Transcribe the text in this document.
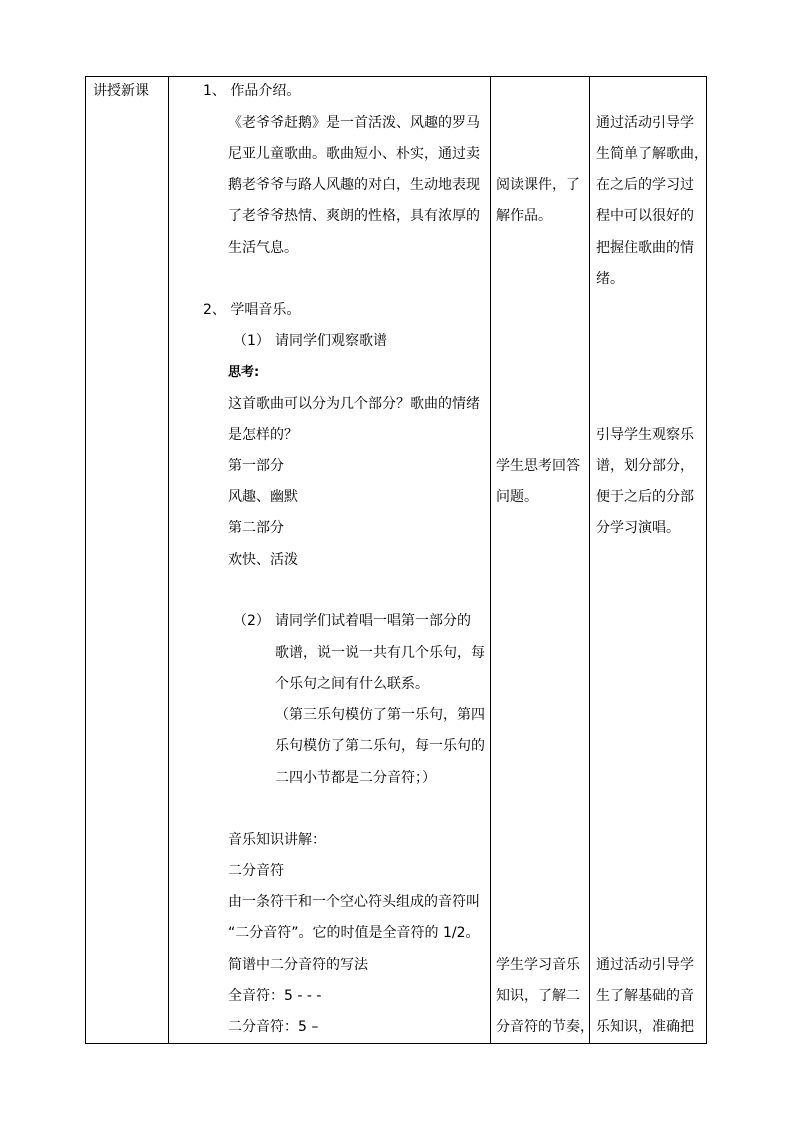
讲授新课	1、 作品介绍。
《老爷爷赶鹅》是一首活泼、风趣的罗马
尼亚儿童歌曲。歌曲短小、朴实，通过卖
鹅老爷爷与路人风趣的对白，生动地表现
了老爷爷热情、爽朗的性格，具有浓厚的
生活气息。
2、 学唱音乐。
（1） 请同学们观察歌谱
思考:
这首歌曲可以分为几个部分？歌曲的情绪
是怎样的？
第一部分
风趣、幽默
第二部分
欢快、活泼
（2） 请同学们试着唱一唱第一部分的
歌谱，说一说一共有几个乐句，每
个乐句之间有什么联系。
（第三乐句模仿了第一乐句，第四
乐句模仿了第二乐句，每一乐句的
二四小节都是二分音符；）
音乐知识讲解：
二分音符
由一条符干和一个空心符头组成的音符叫
“二分音符”。它的时值是全音符的 1/2。
简谱中二分音符的写法
全音符：5 - - -
二分音符：5 –
阅读课件，了
解作品。
学生思考回答
问题。
学生学习音乐
知识，了解二
分音符的节奏，
通过活动引导学
生简单了解歌曲，
在之后的学习过
程中可以很好的
把握住歌曲的情
绪。
引导学生观察乐
谱，划分部分，
便于之后的分部
分学习演唱。
通过活动引导学
生了解基础的音
乐知识，准确把
